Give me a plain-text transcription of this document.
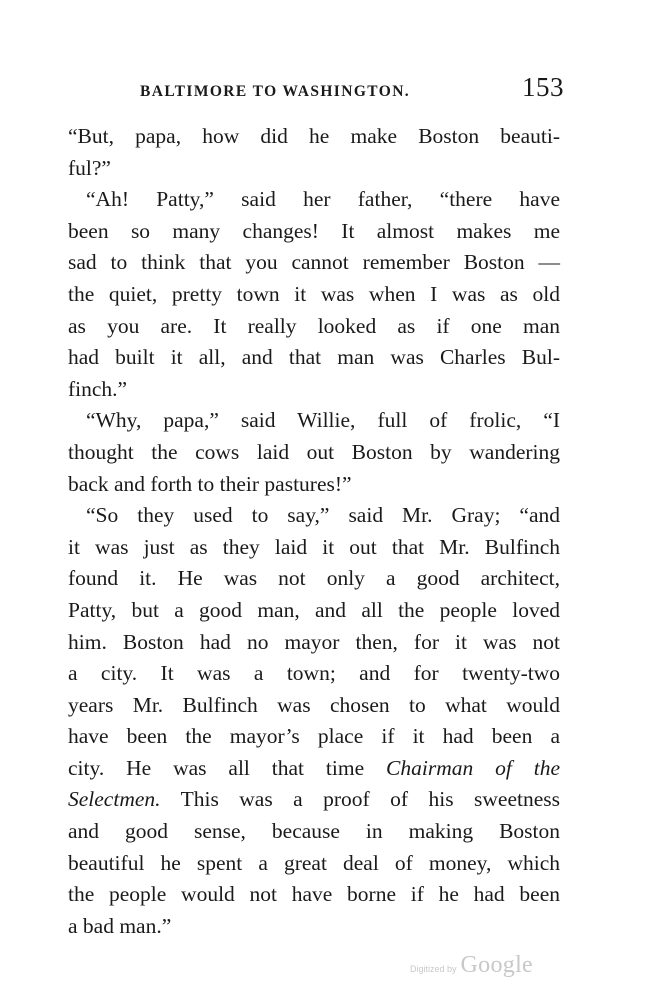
BALTIMORE TO WASHINGTON.	153
“But, papa, how did he make Boston beauti-
ful?”
“Ah! Patty,” said her father, “there have
been so many changes! It almost makes me
sad to think that you cannot remember Boston —
the quiet, pretty town it was when I was as old
as you are. It really looked as if one man
had built it all, and that man was Charles Bul-
finch.”
“Why, papa,” said Willie, full of frolic, “I
thought the cows laid out Boston by wandering
back and forth to their pastures!”
“So they used to say,” said Mr. Gray; “and
it was just as they laid it out that Mr. Bulfinch
found it. He was not only a good architect,
Patty, but a good man, and all the people loved
him. Boston had no mayor then, for it was not
a city. It was a town; and for twenty-two
years Mr. Bulfinch was chosen to what would
have been the mayor’s place if it had been a
city. He was all that time Chairman of the
Selectmen. This was a proof of his sweetness
and good sense, because in making Boston
beautiful he spent a great deal of money, which
the people would not have borne if he had been
a bad man.”
Digitized by Google
